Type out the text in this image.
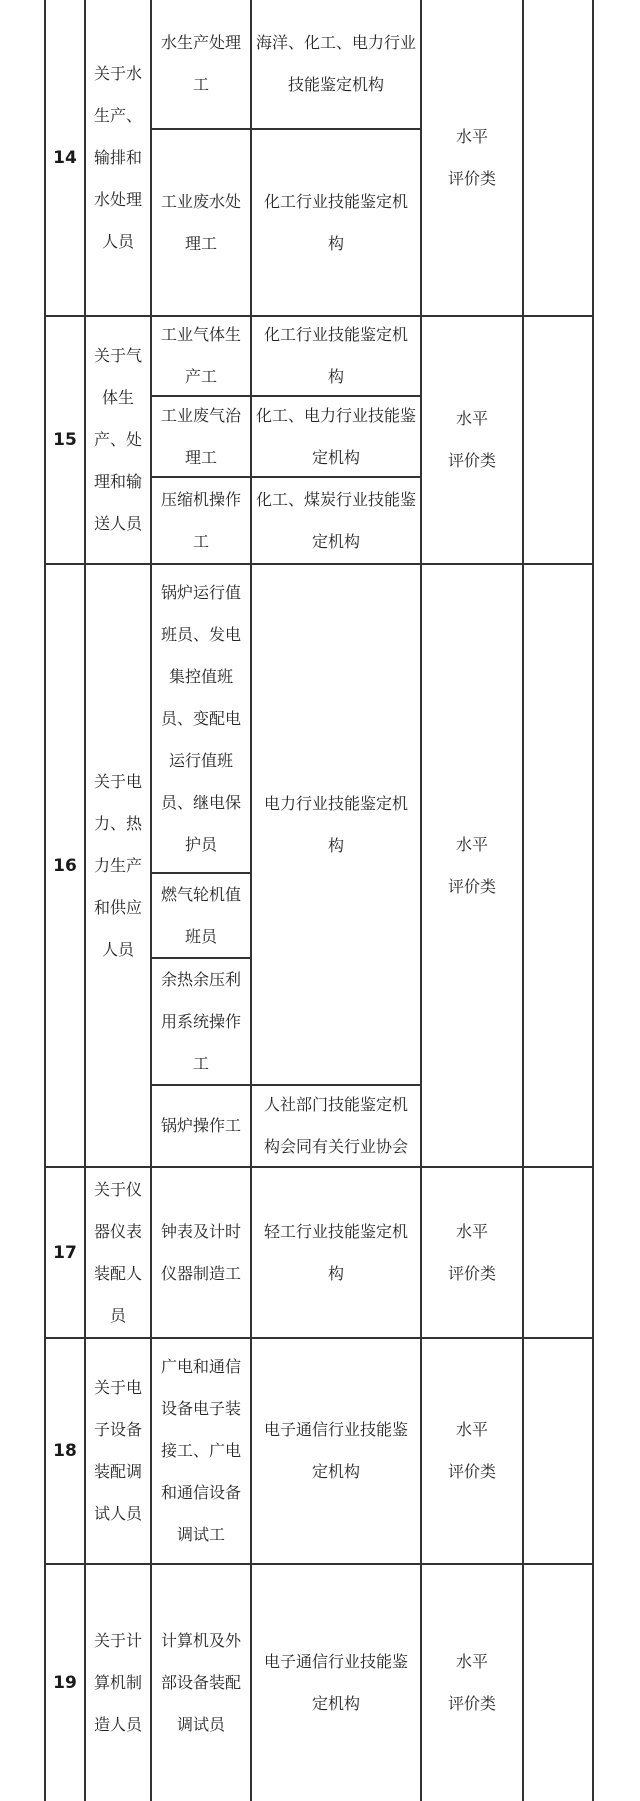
14
关于水
生产、
输排和
水处理
人员
水生产处理
工
海洋、化工、电力行业
技能鉴定机构
工业废水处
理工
化工行业技能鉴定机
构
水平
评价类
15
关于气
体生
产、处
理和输
送人员
工业气体生
产工
化工行业技能鉴定机
构
工业废气治
理工
化工、电力行业技能鉴
定机构
压缩机操作
工
化工、煤炭行业技能鉴
定机构
水平
评价类
16
关于电
力、热
力生产
和供应
人员
锅炉运行值
班员、发电
集控值班
员、变配电
运行值班
员、继电保
护员
燃气轮机值
班员
余热余压利
用系统操作
工
锅炉操作工
电力行业技能鉴定机
构
人社部门技能鉴定机
构会同有关行业协会
水平
评价类
17
关于仪
器仪表
装配人
员
钟表及计时
仪器制造工
轻工行业技能鉴定机
构
水平
评价类
18
关于电
子设备
装配调
试人员
广电和通信
设备电子装
接工、广电
和通信设备
调试工
电子通信行业技能鉴
定机构
水平
评价类
19
关于计
算机制
造人员
计算机及外
部设备装配
调试员
电子通信行业技能鉴
定机构
水平
评价类
